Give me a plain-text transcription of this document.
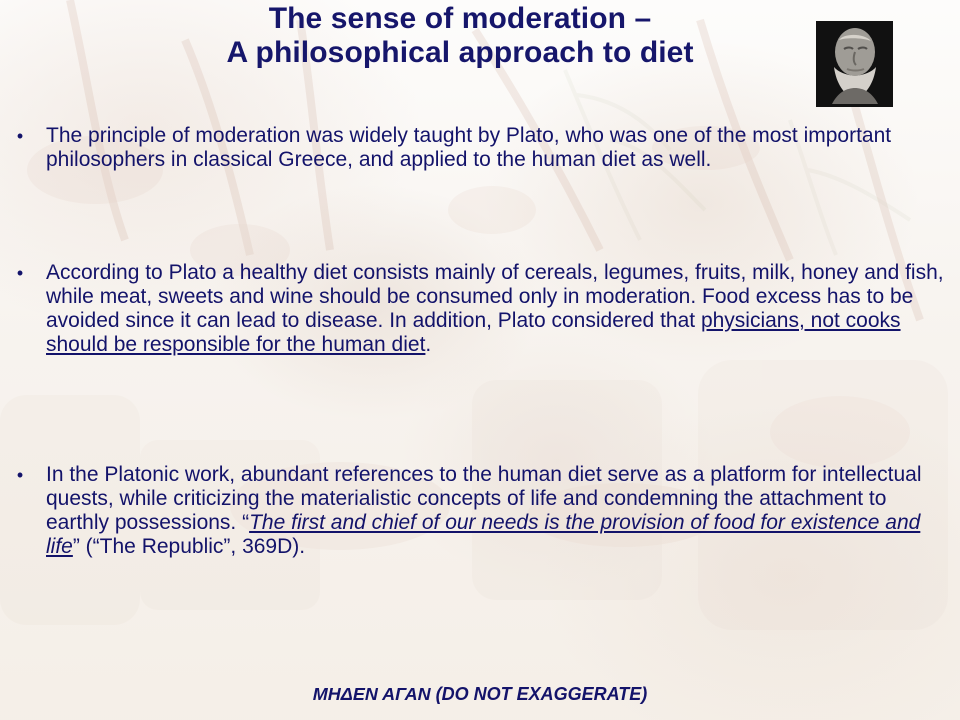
The sense of moderation –
A philosophical approach to diet
•	The principle of moderation was widely taught by Plato, who was one of the most important philosophers in classical Greece, and applied to the human diet as well.
•	According to Plato a healthy diet consists mainly of cereals, legumes, fruits, milk, honey and fish, while meat, sweets and wine should be consumed only in moderation. Food excess has to be avoided since it can lead to disease. In addition, Plato considered that physicians, not cooks should be responsible for the human diet.
•	In the Platonic work, abundant references to the human diet serve as a platform for intellectual quests, while criticizing the materialistic concepts of life and condemning the attachment to earthly possessions. “The first and chief of our needs is the provision of food for existence and life” (“The Republic”, 369D).
ΜΗΔΕΝ ΑΓΑΝ (DO NOT EXAGGERATE)
